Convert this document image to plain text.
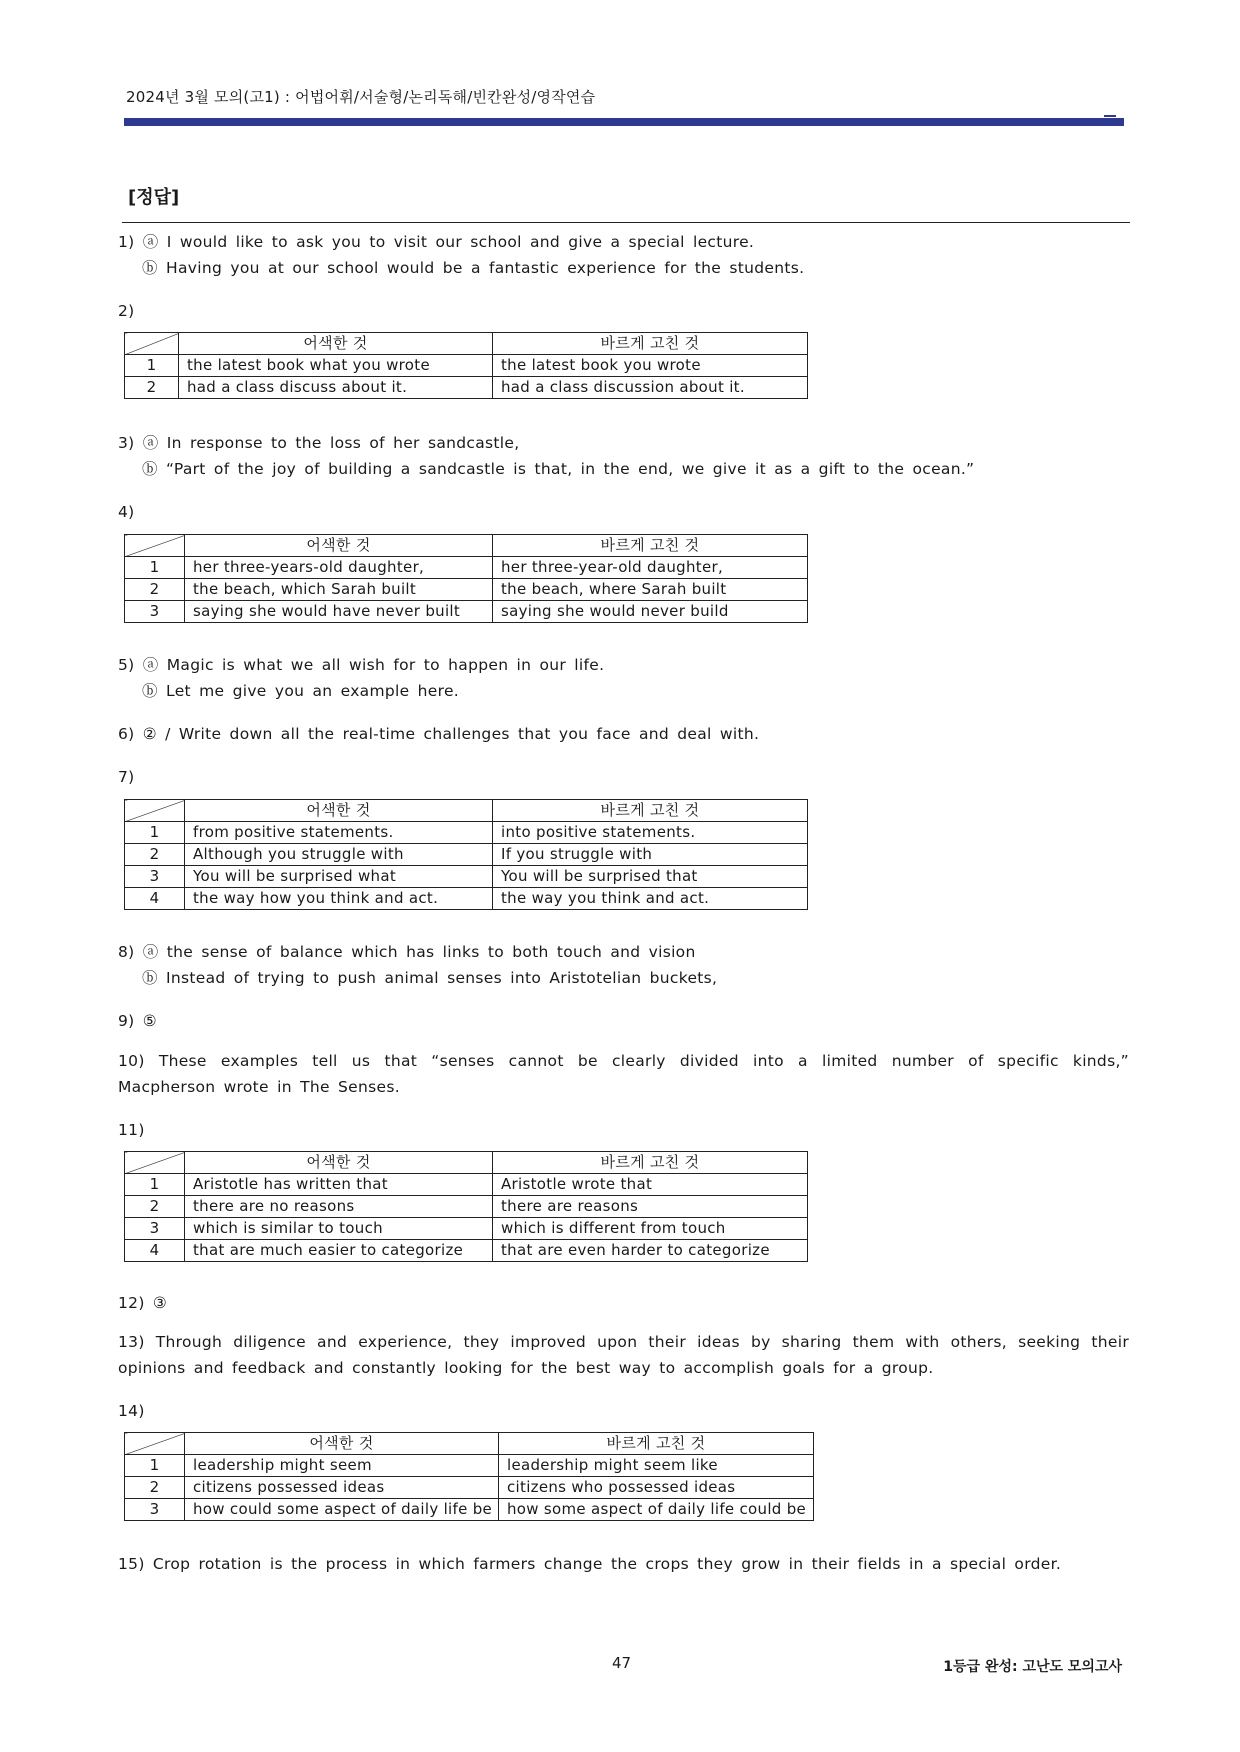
2024년 3월 모의(고1) : 어법어휘/서술형/논리독해/빈칸완성/영작연습
[정답]
1) ⓐ I would like to ask you to visit our school and give a special lecture.
ⓑ Having you at our school would be a fantastic experience for the students.
2)
	어색한 것	바르게 고친 것
1	the latest book what you wrote	the latest book you wrote
2	had a class discuss about it.	had a class discussion about it.
3) ⓐ In response to the loss of her sandcastle,
ⓑ “Part of the joy of building a sandcastle is that, in the end, we give it as a gift to the ocean.”
4)
	어색한 것	바르게 고친 것
1	her three-years-old daughter,	her three-year-old daughter,
2	the beach, which Sarah built	the beach, where Sarah built
3	saying she would have never built	saying she would never build
5) ⓐ Magic is what we all wish for to happen in our life.
ⓑ Let me give you an example here.
6) ② / Write down all the real-time challenges that you face and deal with.
7)
	어색한 것	바르게 고친 것
1	from positive statements.	into positive statements.
2	Although you struggle with	If you struggle with
3	You will be surprised what	You will be surprised that
4	the way how you think and act.	the way you think and act.
8) ⓐ the sense of balance which has links to both touch and vision
ⓑ Instead of trying to push animal senses into Aristotelian buckets,
9) ⑤
10) These examples tell us that “senses cannot be clearly divided into a limited number of specific kinds,” Macpherson wrote in The Senses.
11)
	어색한 것	바르게 고친 것
1	Aristotle has written that	Aristotle wrote that
2	there are no reasons	there are reasons
3	which is similar to touch	which is different from touch
4	that are much easier to categorize	that are even harder to categorize
12) ③
13) Through diligence and experience, they improved upon their ideas by sharing them with others, seeking their opinions and feedback and constantly looking for the best way to accomplish goals for a group.
14)
	어색한 것	바르게 고친 것
1	leadership might seem	leadership might seem like
2	citizens possessed ideas	citizens who possessed ideas
3	how could some aspect of daily life be	how some aspect of daily life could be
15) Crop rotation is the process in which farmers change the crops they grow in their fields in a special order.
47	1등급 완성: 고난도 모의고사
